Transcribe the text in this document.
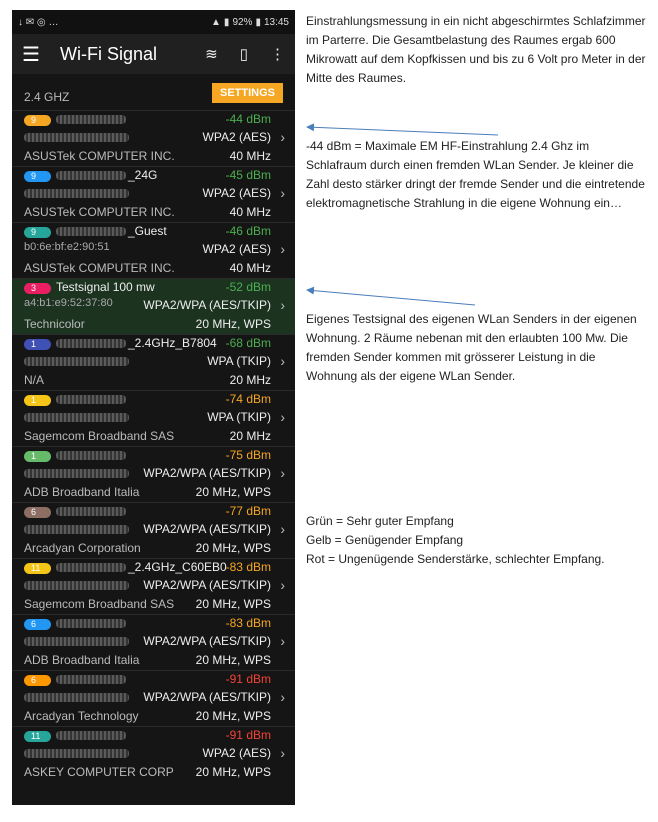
↓ ✉ ◎ …	▲ ▮ 92% ▮ 13:45
☰	Wi-Fi Signal	≋ ▯ ⋮
2.4 GHZ	SETTINGS
9	-44 dBm
WPA2 (AES) ›
ASUSTek COMPUTER INC.	40 MHz
9	_24G	-45 dBm
WPA2 (AES) ›
ASUSTek COMPUTER INC.	40 MHz
9	_Guest
b0:6e:bf:e2:90:51
-46 dBm
WPA2 (AES) ›
ASUSTek COMPUTER INC.	40 MHz
3	Testsignal 100 mw
a4:b1:e9:52:37:80
-52 dBm
WPA2/WPA (AES/TKIP) ›
Technicolor	20 MHz, WPS
1	_2.4GHz_B7804 -68 dBm
WPA (TKIP) ›
N/A	20 MHz
1	-74 dBm
WPA (TKIP) ›
Sagemcom Broadband SAS	20 MHz
1	-75 dBm
WPA2/WPA (AES/TKIP) ›
ADB Broadband Italia	20 MHz, WPS
6	-77 dBm
WPA2/WPA (AES/TKIP) ›
Arcadyan Corporation	20 MHz, WPS
11	_2.4GHz_C60EB0
-83 dBm
WPA2/WPA (AES/TKIP) ›
Sagemcom Broadband SAS 20 MHz, WPS
6	-83 dBm
WPA2/WPA (AES/TKIP) ›
ADB Broadband Italia	20 MHz, WPS
6	-91 dBm
WPA2/WPA (AES/TKIP) ›
Arcadyan Technology	20 MHz, WPS
11	-91 dBm
WPA2 (AES) ›
ASKEY COMPUTER CORP 20 MHz, WPS
Einstrahlungsmessung in ein nicht abgeschirmtes Schlafzimmer im Parterre. Die Gesamtbelastung des Raumes ergab 600 Mikrowatt auf dem Kopfkissen und bis zu 6 Volt pro Meter in der Mitte des Raumes.
-44 dBm = Maximale EM HF-Einstrahlung 2.4 Ghz im Schlafraum durch einen fremden WLan Sender. Je kleiner die Zahl desto stärker dringt der fremde Sender und die eintretende elektromagnetische Strahlung in die eigene Wohnung ein…
Eigenes Testsignal des eigenen WLan Senders in der eigenen Wohnung. 2 Räume nebenan mit den erlaubten 100 Mw. Die fremden Sender kommen mit grösserer Leistung in die Wohnung als der eigene WLan Sender.
Grün = Sehr guter Empfang
Gelb = Genügender Empfang
Rot = Ungenügende Senderstärke, schlechter Empfang.
